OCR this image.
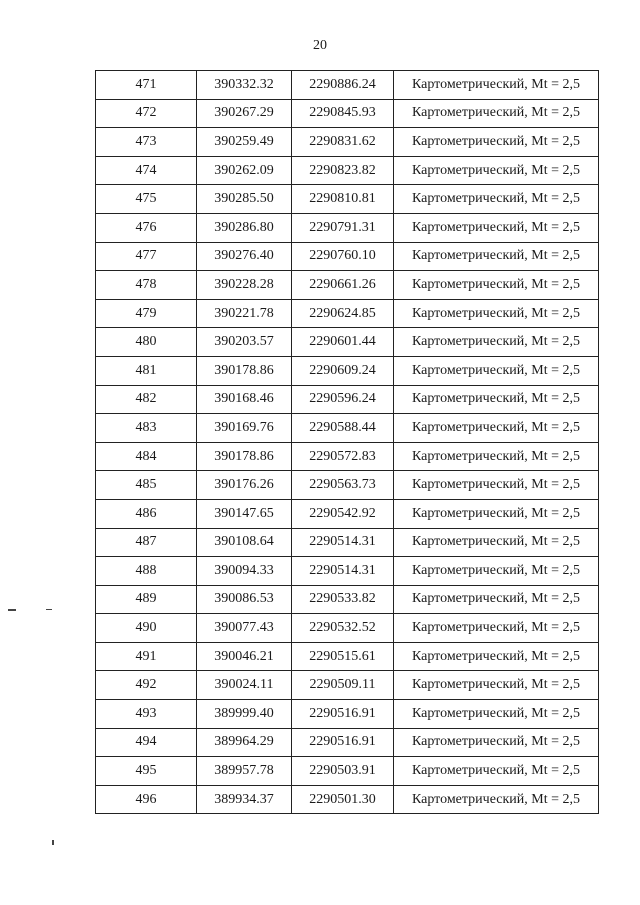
20
471	390332.32	2290886.24	Картометрический, Mt = 2,5
472	390267.29	2290845.93	Картометрический, Mt = 2,5
473	390259.49	2290831.62	Картометрический, Mt = 2,5
474	390262.09	2290823.82	Картометрический, Mt = 2,5
475	390285.50	2290810.81	Картометрический, Mt = 2,5
476	390286.80	2290791.31	Картометрический, Mt = 2,5
477	390276.40	2290760.10	Картометрический, Mt = 2,5
478	390228.28	2290661.26	Картометрический, Mt = 2,5
479	390221.78	2290624.85	Картометрический, Mt = 2,5
480	390203.57	2290601.44	Картометрический, Mt = 2,5
481	390178.86	2290609.24	Картометрический, Mt = 2,5
482	390168.46	2290596.24	Картометрический, Mt = 2,5
483	390169.76	2290588.44	Картометрический, Mt = 2,5
484	390178.86	2290572.83	Картометрический, Mt = 2,5
485	390176.26	2290563.73	Картометрический, Mt = 2,5
486	390147.65	2290542.92	Картометрический, Mt = 2,5
487	390108.64	2290514.31	Картометрический, Mt = 2,5
488	390094.33	2290514.31	Картометрический, Mt = 2,5
489	390086.53	2290533.82	Картометрический, Mt = 2,5
490	390077.43	2290532.52	Картометрический, Mt = 2,5
491	390046.21	2290515.61	Картометрический, Mt = 2,5
492	390024.11	2290509.11	Картометрический, Mt = 2,5
493	389999.40	2290516.91	Картометрический, Mt = 2,5
494	389964.29	2290516.91	Картометрический, Mt = 2,5
495	389957.78	2290503.91	Картометрический, Mt = 2,5
496	389934.37	2290501.30	Картометрический, Mt = 2,5
